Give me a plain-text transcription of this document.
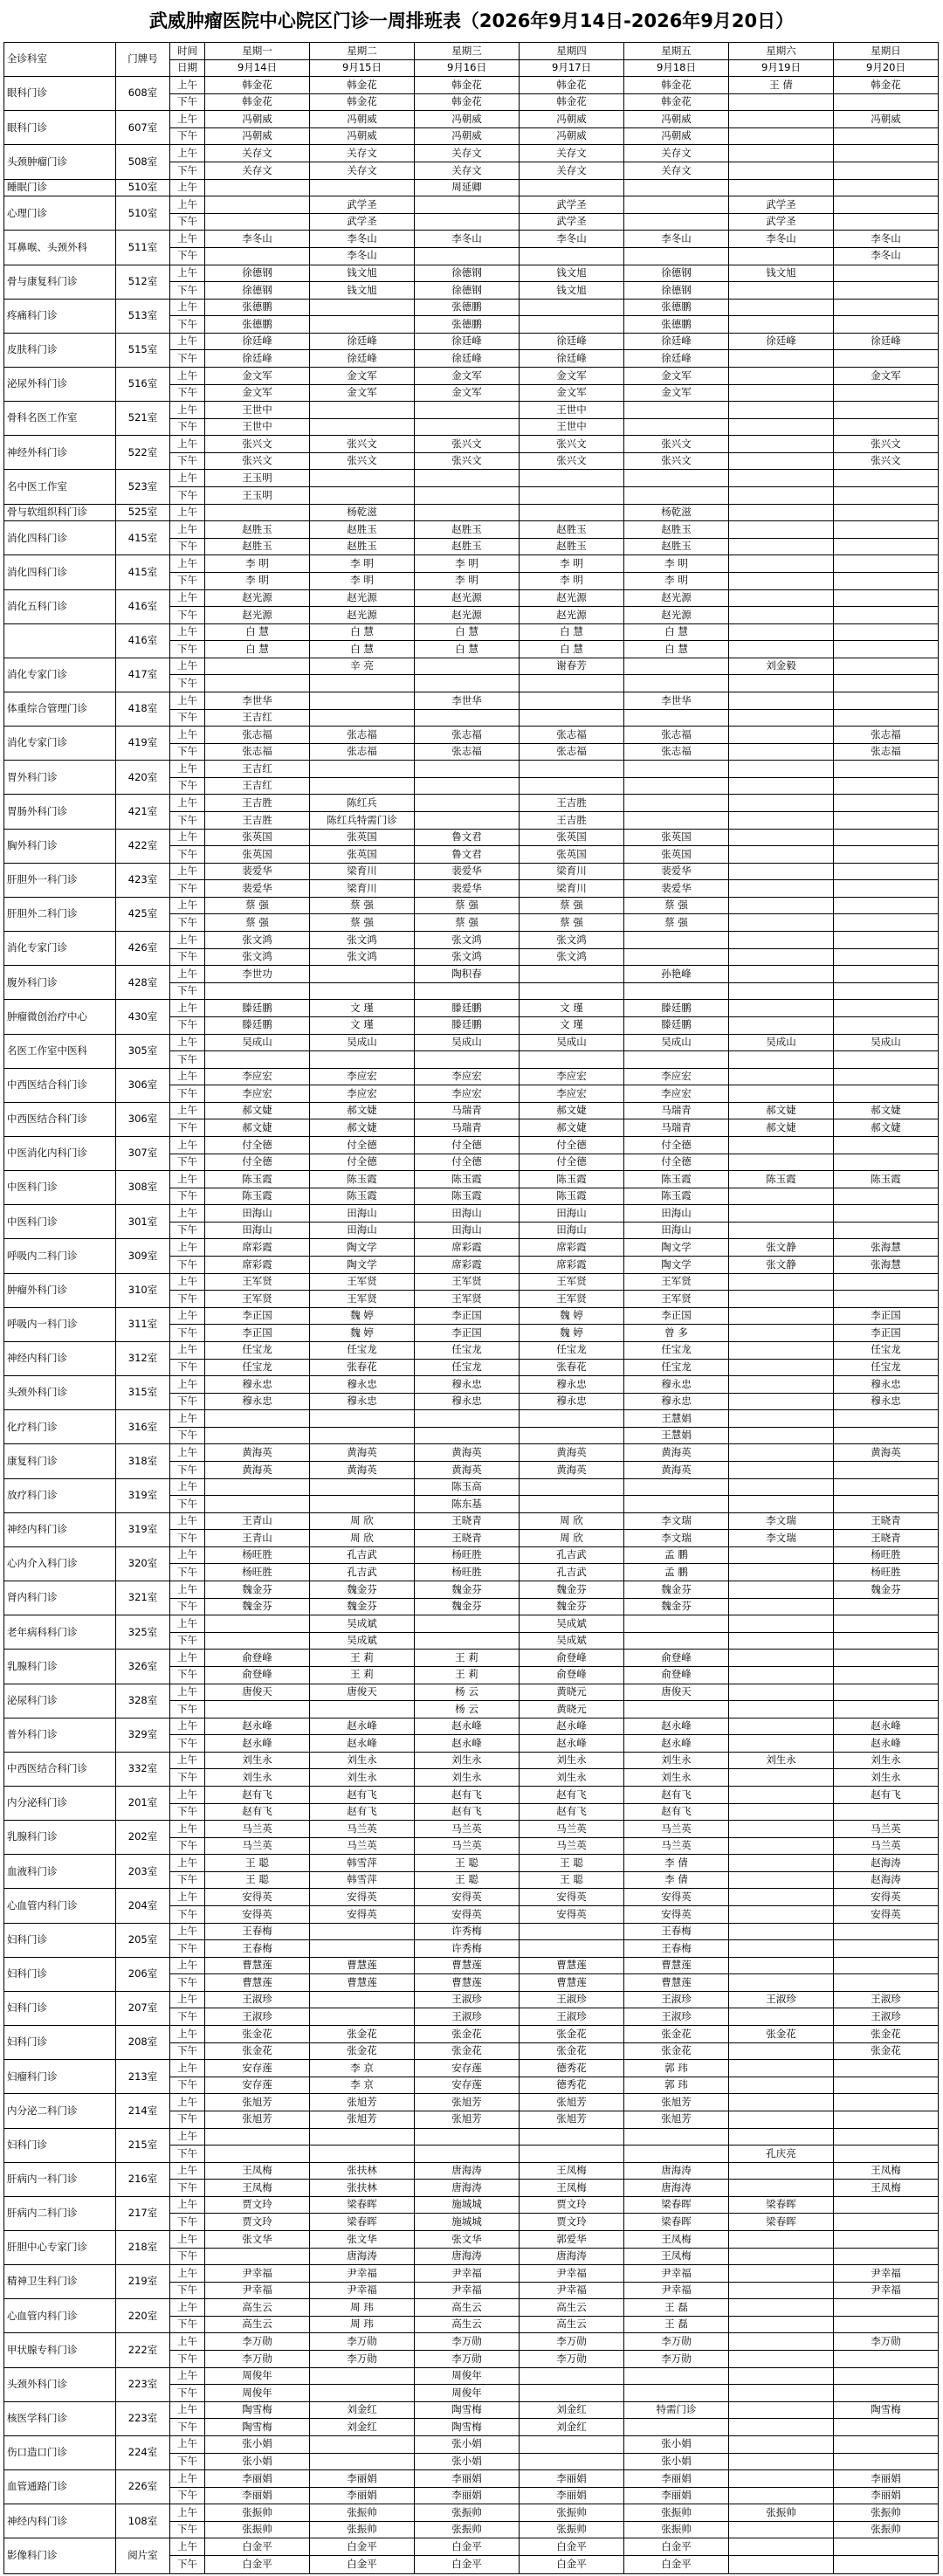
武威肿瘤医院中心院区门诊一周排班表（2026年9月14日-2026年9月20日）
全诊科室	门牌号	时间	星期一	星期二	星期三	星期四	星期五	星期六	星期日
		日期	9月14日	9月15日	9月16日	9月17日	9月18日	9月19日	9月20日
眼科门诊	608室	上午	韩金花	韩金花	韩金花	韩金花	韩金花	王 倩	韩金花
		下午	韩金花	韩金花	韩金花	韩金花	韩金花		
眼科门诊	607室	上午	冯朝威	冯朝威	冯朝威	冯朝威	冯朝威		冯朝威
		下午	冯朝威	冯朝威	冯朝威	冯朝威	冯朝威		
头颈肿瘤门诊	508室	上午	关存文	关存文	关存文	关存文	关存文		
		下午	关存文	关存文	关存文	关存文	关存文		
睡眠门诊	510室	上午			周延卿				
心理门诊	510室	上午		武学圣		武学圣		武学圣	
		下午		武学圣		武学圣		武学圣	
耳鼻喉、头颈外科	511室	上午	李冬山	李冬山	李冬山	李冬山	李冬山	李冬山	李冬山
		下午		李冬山					李冬山
骨与康复科门诊	512室	上午	徐德钢	钱文旭	徐德钢	钱文旭	徐德钢	钱文旭	
		下午	徐德钢	钱文旭	徐德钢	钱文旭	徐德钢		
疼痛科门诊	513室	上午	张德鹏		张德鹏		张德鹏		
		下午	张德鹏		张德鹏		张德鹏		
皮肤科门诊	515室	上午	徐廷峰	徐廷峰	徐廷峰	徐廷峰	徐廷峰	徐廷峰	徐廷峰
		下午	徐廷峰	徐廷峰	徐廷峰	徐廷峰	徐廷峰		
泌尿外科门诊	516室	上午	金文军	金文军	金文军	金文军	金文军		金文军
		下午	金文军	金文军	金文军	金文军	金文军		
骨科名医工作室	521室	上午	王世中			王世中			
		下午	王世中			王世中			
神经外科门诊	522室	上午	张兴文	张兴文	张兴文	张兴文	张兴文		张兴文
		下午	张兴文	张兴文	张兴文	张兴文	张兴文		张兴文
名中医工作室	523室	上午	王玉明						
		下午	王玉明						
骨与软组织科门诊	525室	上午		杨乾滋			杨乾滋		
消化四科门诊	415室	上午	赵胜玉	赵胜玉	赵胜玉	赵胜玉	赵胜玉		
		下午	赵胜玉	赵胜玉	赵胜玉	赵胜玉	赵胜玉		
消化四科门诊	415室	上午	李 明	李 明	李 明	李 明	李 明		
		下午	李 明	李 明	李 明	李 明	李 明		
消化五科门诊	416室	上午	赵光源	赵光源	赵光源	赵光源	赵光源		
		下午	赵光源	赵光源	赵光源	赵光源	赵光源		
	416室	上午	白 慧	白 慧	白 慧	白 慧	白 慧		
		下午	白 慧	白 慧	白 慧	白 慧	白 慧		
消化专家门诊	417室	上午		辛 亮		谢春芳		刘金毅	
		下午							
体重综合管理门诊	418室	上午	李世华		李世华		李世华		
		下午	王吉红						
消化专家门诊	419室	上午	张志福	张志福	张志福	张志福	张志福		张志福
		下午	张志福	张志福	张志福	张志福	张志福		张志福
胃外科门诊	420室	上午	王吉红						
		下午	王吉红						
胃肠外科门诊	421室	上午	王吉胜	陈红兵		王吉胜			
		下午	王吉胜	陈红兵特需门诊		王吉胜			
胸外科门诊	422室	上午	张英国	张英国	鲁文君	张英国	张英国		
		下午	张英国	张英国	鲁文君	张英国	张英国		
肝胆外一科门诊	423室	上午	裴爱华	梁育川	裴爱华	梁育川	裴爱华		
		下午	裴爱华	梁育川	裴爱华	梁育川	裴爱华		
肝胆外二科门诊	425室	上午	蔡 强	蔡 强	蔡 强	蔡 强	蔡 强		
		下午	蔡 强	蔡 强	蔡 强	蔡 强	蔡 强		
消化专家门诊	426室	上午	张文鸿	张文鸿	张文鸿	张文鸿			
		下午	张文鸿	张文鸿	张文鸿	张文鸿			
腹外科门诊	428室	上午	李世功		陶积春		孙艳峰		
		下午							
肿瘤微创治疗中心	430室	上午	滕廷鹏	文 瑾	滕廷鹏	文 瑾	滕廷鹏		
		下午	滕廷鹏	文 瑾	滕廷鹏	文 瑾	滕廷鹏		
名医工作室中医科	305室	上午	吴成山	吴成山	吴成山	吴成山	吴成山	吴成山	吴成山
		下午							
中西医结合科门诊	306室	上午	李应宏	李应宏	李应宏	李应宏	李应宏		
		下午	李应宏	李应宏	李应宏	李应宏	李应宏		
中西医结合科门诊	306室	上午	郝文婕	郝文婕	马瑞青	郝文婕	马瑞青	郝文婕	郝文婕
		下午	郝文婕	郝文婕	马瑞青	郝文婕	马瑞青	郝文婕	郝文婕
中医消化内科门诊	307室	上午	付全德	付全德	付全德	付全德	付全德		
		下午	付全德	付全德	付全德	付全德	付全德		
中医科门诊	308室	上午	陈玉霞	陈玉霞	陈玉霞	陈玉霞	陈玉霞	陈玉霞	陈玉霞
		下午	陈玉霞	陈玉霞	陈玉霞	陈玉霞	陈玉霞		
中医科门诊	301室	上午	田海山	田海山	田海山	田海山	田海山		
		下午	田海山	田海山	田海山	田海山	田海山		
呼吸内二科门诊	309室	上午	席彩霞	陶文学	席彩霞	席彩霞	陶文学	张文静	张海慧
		下午	席彩霞	陶文学	席彩霞	席彩霞	陶文学	张文静	张海慧
肿瘤外科门诊	310室	上午	王军贤	王军贤	王军贤	王军贤	王军贤		
		下午	王军贤	王军贤	王军贤	王军贤	王军贤		
呼吸内一科门诊	311室	上午	李正国	魏 婷	李正国	魏 婷	李正国		李正国
		下午	李正国	魏 婷	李正国	魏 婷	曾 多		李正国
神经内科门诊	312室	上午	任宝龙	任宝龙	任宝龙	任宝龙	任宝龙		任宝龙
		下午	任宝龙	张春花	任宝龙	张春花	任宝龙		任宝龙
头颈外科门诊	315室	上午	穆永忠	穆永忠	穆永忠	穆永忠	穆永忠		穆永忠
		下午	穆永忠	穆永忠	穆永忠	穆永忠	穆永忠		穆永忠
化疗科门诊	316室	上午					王慧娟		
		下午					王慧娟		
康复科门诊	318室	上午	黄海英	黄海英	黄海英	黄海英	黄海英		黄海英
		下午	黄海英	黄海英	黄海英	黄海英	黄海英		
放疗科门诊	319室	上午			陈玉高				
		下午			陈东基				
神经内科门诊	319室	上午	王青山	周 欣	王晓青	周 欣	李文瑞	李文瑞	王晓青
		下午	王青山	周 欣	王晓青	周 欣	李文瑞	李文瑞	王晓青
心内介入科门诊	320室	上午	杨旺胜	孔吉武	杨旺胜	孔吉武	孟 鹏		杨旺胜
		下午	杨旺胜	孔吉武	杨旺胜	孔吉武	孟 鹏		杨旺胜
肾内科门诊	321室	上午	魏金芬	魏金芬	魏金芬	魏金芬	魏金芬		魏金芬
		下午	魏金芬	魏金芬	魏金芬	魏金芬	魏金芬		
老年病科科门诊	325室	上午		吴成斌		吴成斌			
		下午		吴成斌		吴成斌			
乳腺科门诊	326室	上午	俞登峰	王 莉	王 莉	俞登峰	俞登峰		
		下午	俞登峰	王 莉	王 莉	俞登峰	俞登峰		
泌尿科门诊	328室	上午	唐俊天	唐俊天	杨 云	黄晓元	唐俊天		
		下午			杨 云	黄晓元			
普外科门诊	329室	上午	赵永峰	赵永峰	赵永峰	赵永峰	赵永峰		赵永峰
		下午	赵永峰	赵永峰	赵永峰	赵永峰	赵永峰		赵永峰
中西医结合科门诊	332室	上午	刘生永	刘生永	刘生永	刘生永	刘生永	刘生永	刘生永
		下午	刘生永	刘生永	刘生永	刘生永	刘生永		刘生永
内分泌科门诊	201室	上午	赵有飞	赵有飞	赵有飞	赵有飞	赵有飞		赵有飞
		下午	赵有飞	赵有飞	赵有飞	赵有飞	赵有飞		
乳腺科门诊	202室	上午	马兰英	马兰英	马兰英	马兰英	马兰英		马兰英
		下午	马兰英	马兰英	马兰英	马兰英	马兰英		马兰英
血液科门诊	203室	上午	王 聪	韩雪萍	王 聪	王 聪	李 倩		赵海涛
		下午	王 聪	韩雪萍	王 聪	王 聪	李 倩		赵海涛
心血管内科门诊	204室	上午	安得英	安得英	安得英	安得英	安得英		安得英
		下午	安得英	安得英	安得英	安得英	安得英		安得英
妇科门诊	205室	上午	王春梅		许秀梅		王春梅		
		下午	王春梅		许秀梅		王春梅		
妇科门诊	206室	上午	曹慧莲	曹慧莲	曹慧莲	曹慧莲	曹慧莲		
		下午	曹慧莲	曹慧莲	曹慧莲	曹慧莲	曹慧莲		
妇科门诊	207室	上午	王淑珍		王淑珍	王淑珍	王淑珍	王淑珍	王淑珍
		下午	王淑珍		王淑珍	王淑珍	王淑珍		王淑珍
妇科门诊	208室	上午	张金花	张金花	张金花	张金花	张金花	张金花	张金花
		下午	张金花	张金花	张金花	张金花	张金花		张金花
妇瘤科门诊	213室	上午	安存莲	李 京	安存莲	德秀花	郭 玮		
		下午	安存莲	李 京	安存莲	德秀花	郭 玮		
内分泌二科门诊	214室	上午	张旭芳	张旭芳	张旭芳	张旭芳	张旭芳		
		下午	张旭芳	张旭芳	张旭芳	张旭芳	张旭芳		
妇科门诊	215室	上午							
		下午						孔庆亮	
肝病内一科门诊	216室	上午	王凤梅	张扶林	唐海涛	王凤梅	唐海涛		王凤梅
		下午	王凤梅	张扶林	唐海涛	王凤梅	唐海涛		王凤梅
肝病内二科门诊	217室	上午	贾文玲	梁春晖	施城城	贾文玲	梁春晖	梁春晖	
		下午	贾文玲	梁春晖	施城城	贾文玲	梁春晖	梁春晖	
肝胆中心专家门诊	218室	上午	张文华	张文华	张文华	郭爱华	王凤梅		
		下午		唐海涛	唐海涛	唐海涛	王凤梅		
精神卫生科门诊	219室	上午	尹幸福	尹幸福	尹幸福	尹幸福	尹幸福		尹幸福
		下午	尹幸福	尹幸福	尹幸福	尹幸福	尹幸福		尹幸福
心血管内科门诊	220室	上午	高生云	周 玮	高生云	高生云	王 磊		
		下午	高生云	周 玮	高生云	高生云	王 磊		
甲状腺专科门诊	222室	上午	李万勋	李万勋	李万勋	李万勋	李万勋		李万勋
		下午	李万勋	李万勋	李万勋	李万勋	李万勋		
头颈外科门诊	223室	上午	周俊年		周俊年				
		下午	周俊年		周俊年				
核医学科门诊	223室	上午	陶雪梅	刘金红	陶雪梅	刘金红	特需门诊		陶雪梅
		下午	陶雪梅	刘金红	陶雪梅	刘金红			
伤口造口门诊	224室	上午	张小娟		张小娟		张小娟		
		下午	张小娟		张小娟		张小娟		
血管通路门诊	226室	上午	李丽娟	李丽娟	李丽娟	李丽娟	李丽娟		李丽娟
		下午	李丽娟	李丽娟	李丽娟	李丽娟	李丽娟		李丽娟
神经内科门诊	108室	上午	张振帅	张振帅	张振帅	张振帅	张振帅	张振帅	张振帅
		下午	张振帅	张振帅	张振帅	张振帅	张振帅		张振帅
影像科门诊	阅片室	上午	白金平	白金平	白金平	白金平	白金平		
		下午	白金平	白金平	白金平	白金平	白金平		
